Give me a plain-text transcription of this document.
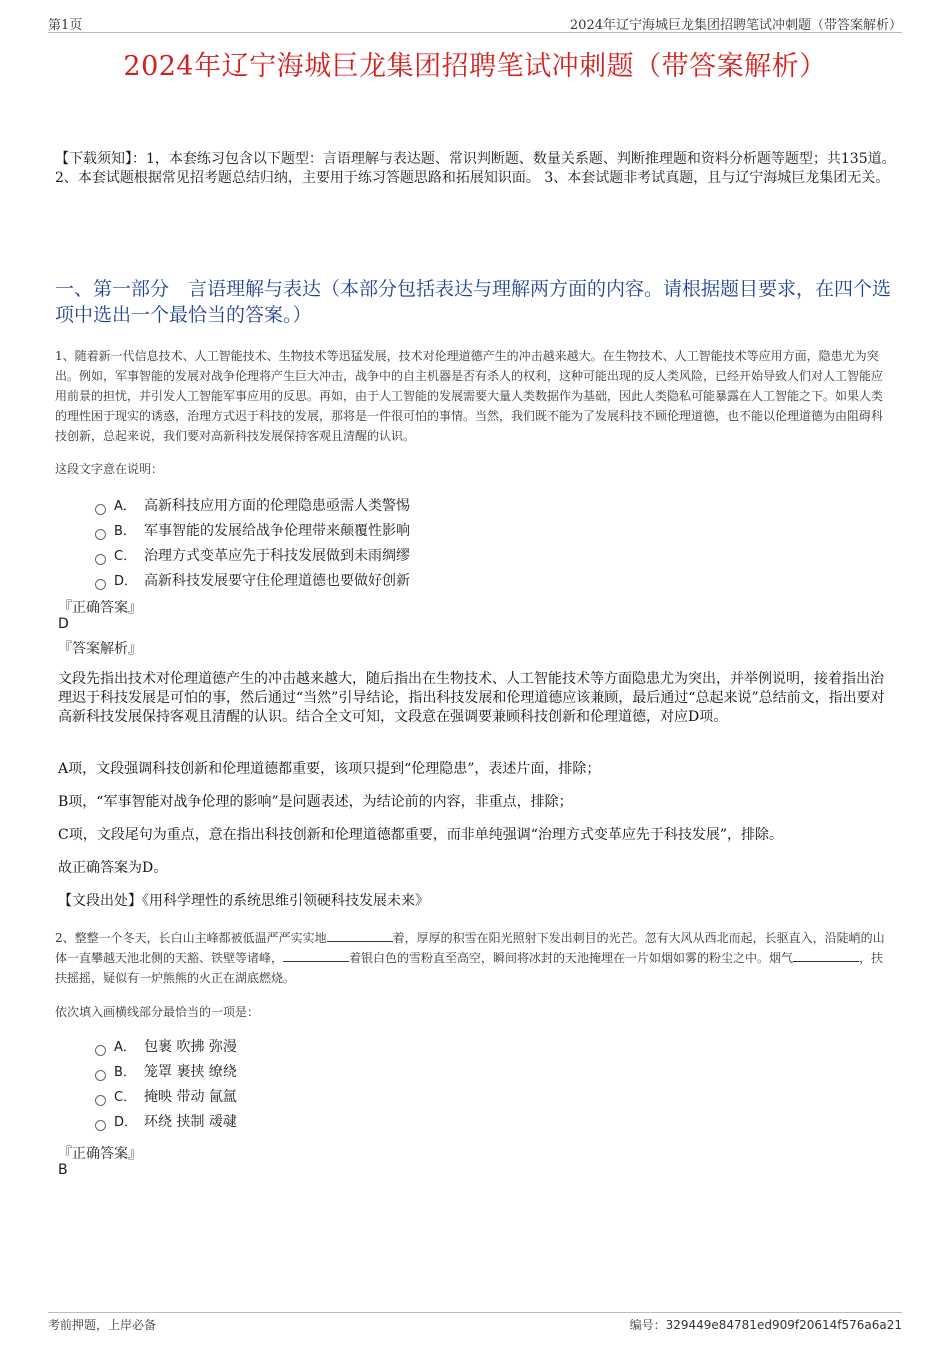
第1页	2024年辽宁海城巨龙集团招聘笔试冲刺题（带答案解析）
2024年辽宁海城巨龙集团招聘笔试冲刺题（带答案解析）
【下载须知】：1，本套练习包含以下题型：言语理解与表达题、常识判断题、数量关系题、判断推理题和资料分析题等题型；共135道。 2、本套试题根据常见招考题总结归纳，主要用于练习答题思路和拓展知识面。 3、本套试题非考试真题，且与辽宁海城巨龙集团无关。
一、第一部分　言语理解与表达（本部分包括表达与理解两方面的内容。请根据题目要求，在四个选项中选出一个最恰当的答案。）
1、随着新一代信息技术、人工智能技术、生物技术等迅猛发展，技术对伦理道德产生的冲击越来越大。在生物技术、人工智能技术等应用方面，隐患尤为突出。例如，军事智能的发展对战争伦理将产生巨大冲击，战争中的自主机器是否有杀人的权利，这种可能出现的反人类风险，已经开始导致人们对人工智能应用前景的担忧，并引发人工智能军事应用的反思。再如，由于人工智能的发展需要大量人类数据作为基础，因此人类隐私可能暴露在人工智能之下。如果人类的理性困于现实的诱惑，治理方式迟于科技的发展，那将是一件很可怕的事情。当然，我们既不能为了发展科技不顾伦理道德，也不能以伦理道德为由阻碍科技创新，总起来说，我们要对高新科技发展保持客观且清醒的认识。
这段文字意在说明：
A． 高新科技应用方面的伦理隐患亟需人类警惕
B． 军事智能的发展给战争伦理带来颠覆性影响
C． 治理方式变革应先于科技发展做到未雨绸缪
D． 高新科技发展要守住伦理道德也要做好创新
『正确答案』
D
『答案解析』
文段先指出技术对伦理道德产生的冲击越来越大，随后指出在生物技术、人工智能技术等方面隐患尤为突出，并举例说明，接着指出治理迟于科技发展是可怕的事，然后通过“当然”引导结论，指出科技发展和伦理道德应该兼顾，最后通过“总起来说”总结前文，指出要对高新科技发展保持客观且清醒的认识。结合全文可知，文段意在强调要兼顾科技创新和伦理道德，对应D项。
A项，文段强调科技创新和伦理道德都重要，该项只提到“伦理隐患”，表述片面，排除；
B项，“军事智能对战争伦理的影响”是问题表述，为结论前的内容，非重点，排除；
C项，文段尾句为重点，意在指出科技创新和伦理道德都重要，而非单纯强调“治理方式变革应先于科技发展”，排除。
故正确答案为D。
【文段出处】《用科学理性的系统思维引领硬科技发展未来》
2、整整一个冬天，长白山主峰都被低温严严实实地	着，厚厚的积雪在阳光照射下发出刺目的光芒。忽有大风从西北而起，长驱直入，沿陡峭的山体一直攀越天池北侧的天豁、铁壁等诸峰，	着银白色的雪粉直至高空，瞬间将冰封的天池掩埋在一片如烟如雾的粉尘之中。烟气	，扶扶摇摇，疑似有一炉熊熊的火正在湖底燃烧。
依次填入画横线部分最恰当的一项是：
A． 包裹 吹拂 弥漫
B． 笼罩 裹挟 缭绕
C． 掩映 带动 氤氲
D． 环绕 挟制 叆叇
『正确答案』
B
考前押题，上岸必备	编号：329449e84781ed909f20614f576a6a21
